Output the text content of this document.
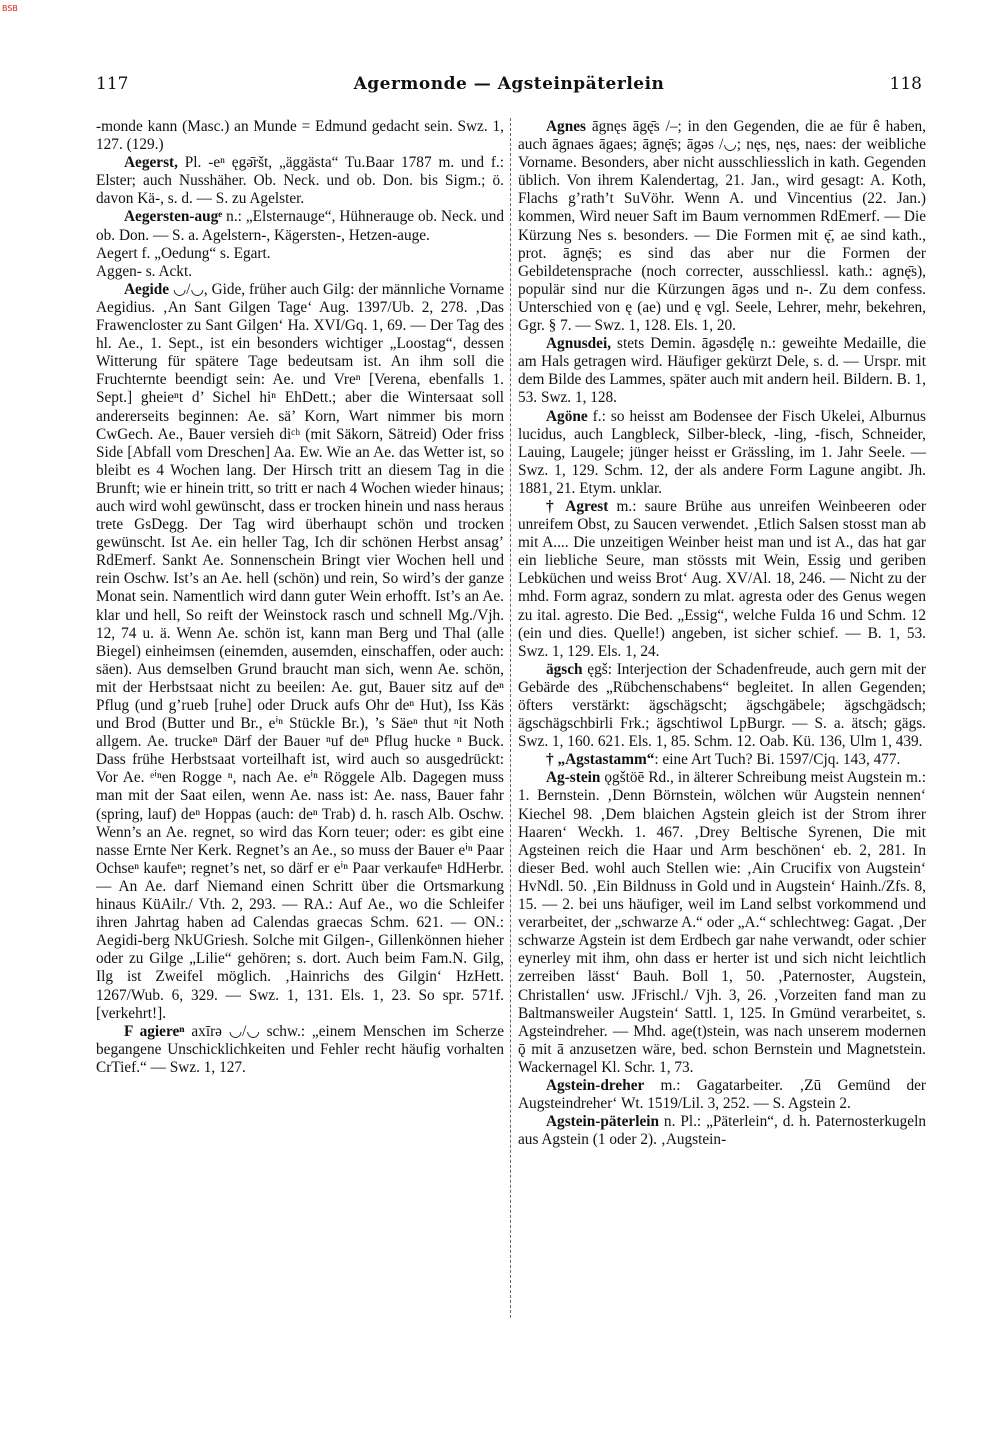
BSB
117	Agermonde — Agsteinpäterlein	118

-monde kann (Masc.) an Munde = Edmund gedacht sein. Swz. 1, 127. (129.)

Aegerst, Pl. -eⁿ ęgə̄ršt, „äggästa“ Tu.Baar 1787 m. und f.: Elster; auch Nusshäher. Ob. Neck. und ob. Don. bis Sigm.; ö. davon Kä-, s. d. — S. zu Agelster.

Aegersten-augᵉ n.: „Elsternauge“, Hühnerauge ob. Neck. und ob. Don. — S. a. Agelstern-, Kägersten-, Hetzen-auge.

Aegert f. „Oedung“ s. Egart.

Aggen- s. Ackt.

Aegide ◡/◡, Gide, früher auch Gilg: der männliche Vorname Aegidius. ‚An Sant Gilgen Tage‘ Aug. 1397/Ub. 2, 278. ‚Das Frawencloster zu Sant Gilgen‘ Ha. XVI/Gq. 1, 69. — Der Tag des hl. Ae., 1. Sept., ist ein besonders wichtiger „Loostag“, dessen Witterung für spätere Tage bedeutsam ist. An ihm soll die Fruchternte beendigt sein: Ae. und Vreⁿ [Verena, ebenfalls 1. Sept.] gheieⁿt d’ Sichel hiⁿ EhDett.; aber die Wintersaat soll andererseits beginnen: Ae. sä’ Korn, Wart nimmer bis morn CwGech. Ae., Bauer versieh diᶜʰ (mit Säkorn, Sätreid) Oder friss Side [Abfall vom Dreschen] Aa. Ew. Wie an Ae. das Wetter ist, so bleibt es 4 Wochen lang. Der Hirsch tritt an diesem Tag in die Brunft; wie er hinein tritt, so tritt er nach 4 Wochen wieder hinaus; auch wird wohl gewünscht, dass er trocken hinein und nass heraus trete GsDegg. Der Tag wird überhaupt schön und trocken gewünscht. Ist Ae. ein heller Tag, Ich dir schönen Herbst ansag’ RdEmerf. Sankt Ae. Sonnenschein Bringt vier Wochen hell und rein Oschw. Ist’s an Ae. hell (schön) und rein, So wird’s der ganze Monat sein. Namentlich wird dann guter Wein erhofft. Ist’s an Ae. klar und hell, So reift der Weinstock rasch und schnell Mg./Vjh. 12, 74 u. ä. Wenn Ae. schön ist, kann man Berg und Thal (alle Biegel) einheimsen (einemden, ausemden, einschaffen, oder auch: säen). Aus demselben Grund braucht man sich, wenn Ae. schön, mit der Herbstsaat nicht zu beeilen: Ae. gut, Bauer sitz auf deⁿ Pflug (und g’rueb [ruhe] oder Druck aufs Ohr deⁿ Hut), Iss Käs und Brod (Butter und Br., eⁱⁿ Stückle Br.), ’s Säeⁿ thut ⁿit Noth allgem. Ae. truckeⁿ Därf der Bauer ⁿuf deⁿ Pflug hucke ⁿ Buck. Dass frühe Herbstsaat vorteilhaft ist, wird auch so ausgedrückt: Vor Ae. ᵉⁱⁿen Rogge ⁿ, nach Ae. eⁱⁿ Röggele Alb. Dagegen muss man mit der Saat eilen, wenn Ae. nass ist: Ae. nass, Bauer fahr (spring, lauf) deⁿ Hoppas (auch: deⁿ Trab) d. h. rasch Alb. Oschw. Wenn’s an Ae. regnet, so wird das Korn teuer; oder: es gibt eine nasse Ernte Ner Kerk. Regnet’s an Ae., so muss der Bauer eⁱⁿ Paar Ochseⁿ kaufeⁿ; regnet’s net, so därf er eⁱⁿ Paar verkaufeⁿ HdHerbr. — An Ae. darf Niemand einen Schritt über die Ortsmarkung hinaus KüAilr./ Vth. 2, 293. — RA.: Auf Ae., wo die Schleifer ihren Jahrtag haben ad Calendas graecas Schm. 621. — ON.: Aegidi-berg NkUGriesh. Solche mit Gilgen-, Gillenkönnen hieher oder zu Gilge „Lilie“ gehören; s. dort. Auch beim Fam.N. Gilg, Ilg ist Zweifel möglich. ‚Hainrichs des Gilgin‘ HzHett. 1267/Wub. 6, 329. — Swz. 1, 131. Els. 1, 23. So spr. 571f. [verkehrt!].

F agiereⁿ axīrə ◡/◡ schw.: „einem Menschen im Scherze begangene Unschicklichkeiten und Fehler recht häufig vorhalten CrTief.“ — Swz. 1, 127.

Agnes āgnęs āgę̄s /–; in den Gegenden, die ae für ê haben, auch āgnaes āgaes; āgnę̄s; āgəs /◡; nęs, nęs, naes: der weibliche Vorname. Besonders, aber nicht ausschliesslich in kath. Gegenden üblich. Von ihrem Kalendertag, 21. Jan., wird gesagt: A. Koth, Flachs g’rath’t SuVöhr. Wenn A. und Vincentius (22. Jan.) kommen, Wird neuer Saft im Baum vernommen RdEmerf. — Die Kürzung Nes s. besonders. — Die Formen mit ę̄, ae sind kath., prot. āgnę̄s; es sind das aber nur die Formen der Gebildetensprache (noch correcter, ausschliessl. kath.: agnę̄s), populär sind nur die Kürzungen āgəs und n-. Zu dem confess. Unterschied von ę (ae) und ę vgl. Seele, Lehrer, mehr, bekehren, Ggr. § 7. — Swz. 1, 128. Els. 1, 20.

Agnusdei, stets Demin. āgəsdę̄lę n.: geweihte Medaille, die am Hals getragen wird. Häufiger gekürzt Dele, s. d. — Urspr. mit dem Bilde des Lammes, später auch mit andern heil. Bildern. B. 1, 53. Swz. 1, 128.

Agöne f.: so heisst am Bodensee der Fisch Ukelei, Alburnus lucidus, auch Langbleck, Silber-bleck, -ling, -fisch, Schneider, Lauing, Laugele; jünger heisst er Grässling, im 1. Jahr Seele. — Swz. 1, 129. Schm. 12, der als andere Form Lagune angibt. Jh. 1881, 21. Etym. unklar.

† Agrest m.: saure Brühe aus unreifen Weinbeeren oder unreifem Obst, zu Saucen verwendet. ‚Etlich Salsen stosst man ab mit A.... Die unzeitigen Weinber heist man und ist A., das hat gar ein liebliche Seure, man stössts mit Wein, Essig und geriben Lebküchen und weiss Brot‘ Aug. XV/Al. 18, 246. — Nicht zu der mhd. Form agraz, sondern zu mlat. agresta oder des Genus wegen zu ital. agresto. Die Bed. „Essig“, welche Fulda 16 und Schm. 12 (ein und dies. Quelle!) angeben, ist sicher schief. — B. 1, 53. Swz. 1, 129. Els. 1, 24.

ägsch ęgš: Interjection der Schadenfreude, auch gern mit der Gebärde des „Rübchenschabens“ begleitet. In allen Gegenden; öfters verstärkt: ägschägscht; ägschgäbele; ägschgädsch; ägschägschbirli Frk.; ägschtiwol LpBurgr. — S. a. ätsch; gägs. Swz. 1, 160. 621. Els. 1, 85. Schm. 12. Oab. Kü. 136, Ulm 1, 439.

† „Agstastamm“: eine Art Tuch? Bi. 1597/Cjq. 143, 477.

Ag-stein ǫgštöē Rd., in älterer Schreibung meist Augstein m.: 1. Bernstein. ‚Denn Börnstein, wölchen wür Augstein nennen‘ Kiechel 98. ‚Dem blaichen Agstein gleich ist der Strom ihrer Haaren‘ Weckh. 1. 467. ‚Drey Beltische Syrenen, Die mit Agsteinen reich die Haar und Arm beschönen‘ eb. 2, 281. In dieser Bed. wohl auch Stellen wie: ‚Ain Crucifix von Augstein‘ HvNdl. 50. ‚Ein Bildnuss in Gold und in Augstein‘ Hainh./Zfs. 8, 15. — 2. bei uns häufiger, weil im Land selbst vorkommend und verarbeitet, der „schwarze A.“ oder „A.“ schlechtweg: Gagat. ‚Der schwarze Agstein ist dem Erdbech gar nahe verwandt, oder schier eynerley mit ihm, ohn dass er herter ist und sich nicht leichtlich zerreiben lässt‘ Bauh. Boll 1, 50. ‚Paternoster, Augstein, Christallen‘ usw. JFrischl./ Vjh. 3, 26. ‚Vorzeiten fand man zu Baltmansweiler Augstein‘ Sattl. 1, 125. In Gmünd verarbeitet, s. Agsteindreher. — Mhd. age(t)stein, was nach unserem modernen ǭ mit ā anzusetzen wäre, bed. schon Bernstein und Magnetstein. Wackernagel Kl. Schr. 1, 73.

Agstein-dreher m.: Gagatarbeiter. ‚Zū Gemünd der Augsteindreher‘ Wt. 1519/Lil. 3, 252. — S. Agstein 2.

Agstein-päterlein n. Pl.: „Päterlein“, d. h. Paternosterkugeln aus Agstein (1 oder 2). ‚Augstein-
